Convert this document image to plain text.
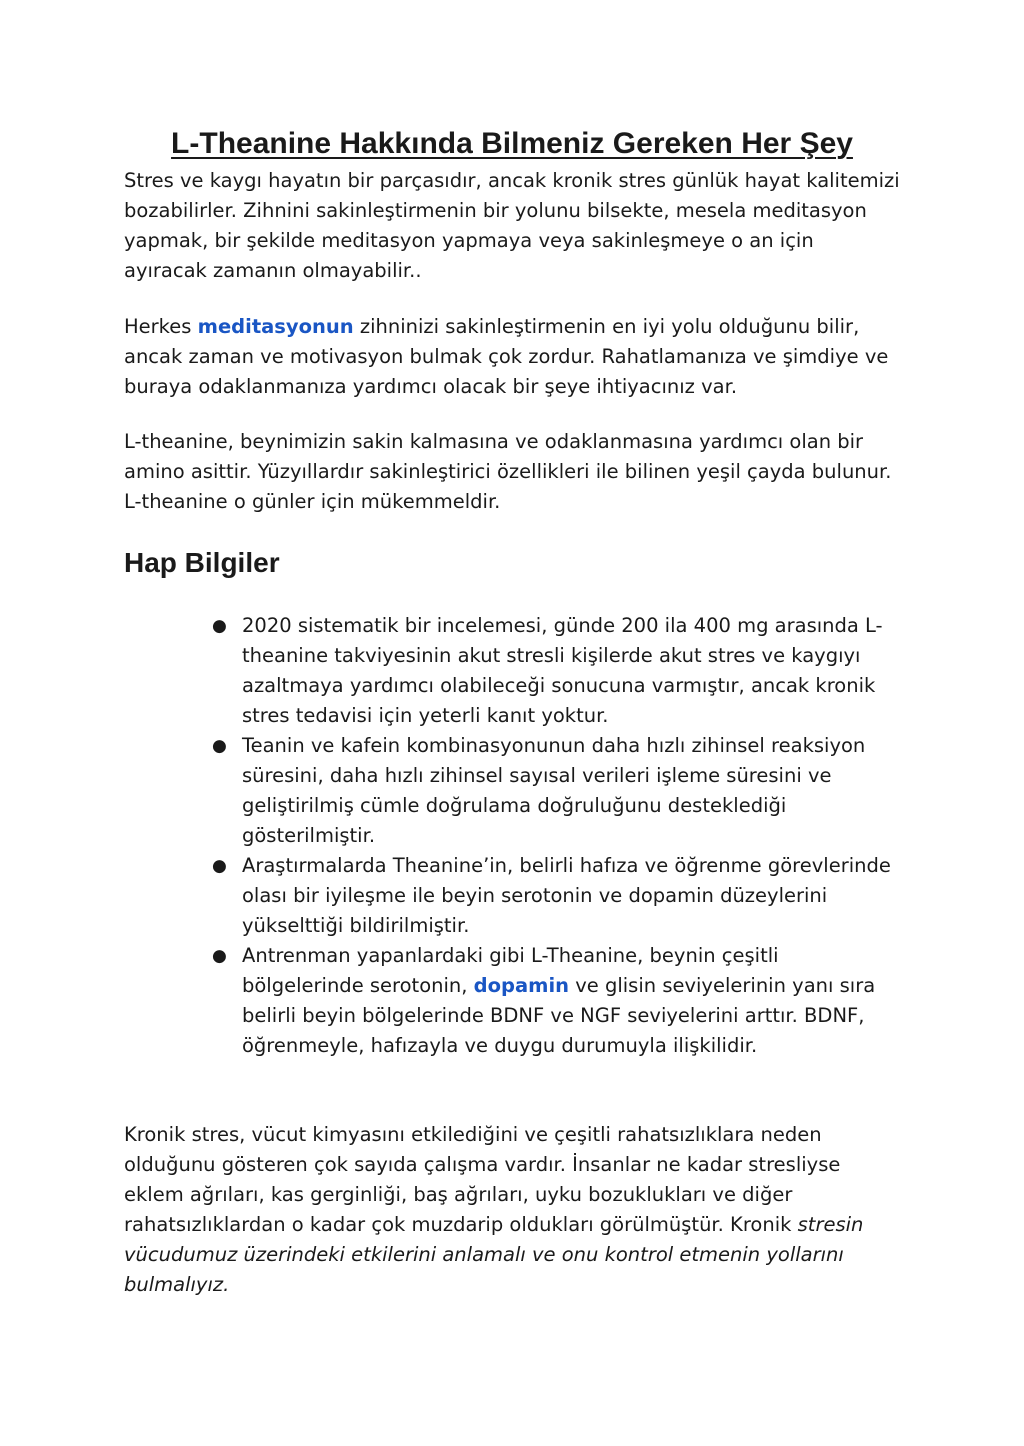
L-Theanine Hakkında Bilmeniz Gereken Her Şey

Stres ve kaygı hayatın bir parçasıdır, ancak kronik stres günlük hayat kalitemizi bozabilirler. Zihnini sakinleştirmenin bir yolunu bilsekte, mesela meditasyon yapmak, bir şekilde meditasyon yapmaya veya sakinleşmeye o an için ayıracak zamanın olmayabilir..

Herkes meditasyonun zihninizi sakinleştirmenin en iyi yolu olduğunu bilir, ancak zaman ve motivasyon bulmak çok zordur. Rahatlamanıza ve şimdiye ve buraya odaklanmanıza yardımcı olacak bir şeye ihtiyacınız var.

L-theanine, beynimizin sakin kalmasına ve odaklanmasına yardımcı olan bir amino asittir. Yüzyıllardır sakinleştirici özellikleri ile bilinen yeşil çayda bulunur. L-theanine o günler için mükemmeldir.

Hap Bilgiler
● 2020 sistematik bir incelemesi, günde 200 ila 400 mg arasında L-theanine takviyesinin akut stresli kişilerde akut stres ve kaygıyı azaltmaya yardımcı olabileceği sonucuna varmıştır, ancak kronik stres tedavisi için yeterli kanıt yoktur.
● Teanin ve kafein kombinasyonunun daha hızlı zihinsel reaksiyon süresini, daha hızlı zihinsel sayısal verileri işleme süresini ve geliştirilmiş cümle doğrulama doğruluğunu desteklediği gösterilmiştir.
● Araştırmalarda Theanine’in, belirli hafıza ve öğrenme görevlerinde olası bir iyileşme ile beyin serotonin ve dopamin düzeylerini yükselttiği bildirilmiştir.
● Antrenman yapanlardaki gibi L-Theanine, beynin çeşitli bölgelerinde serotonin, dopamin ve glisin seviyelerinin yanı sıra belirli beyin bölgelerinde BDNF ve NGF seviyelerini arttır. BDNF, öğrenmeyle, hafızayla ve duygu durumuyla ilişkilidir.

Kronik stres, vücut kimyasını etkilediğini ve çeşitli rahatsızlıklara neden olduğunu gösteren çok sayıda çalışma vardır. İnsanlar ne kadar stresliyse eklem ağrıları, kas gerginliği, baş ağrıları, uyku bozuklukları ve diğer rahatsızlıklardan o kadar çok muzdarip oldukları görülmüştür. Kronik stresin vücudumuz üzerindeki etkilerini anlamalı ve onu kontrol etmenin yollarını bulmalıyız.
